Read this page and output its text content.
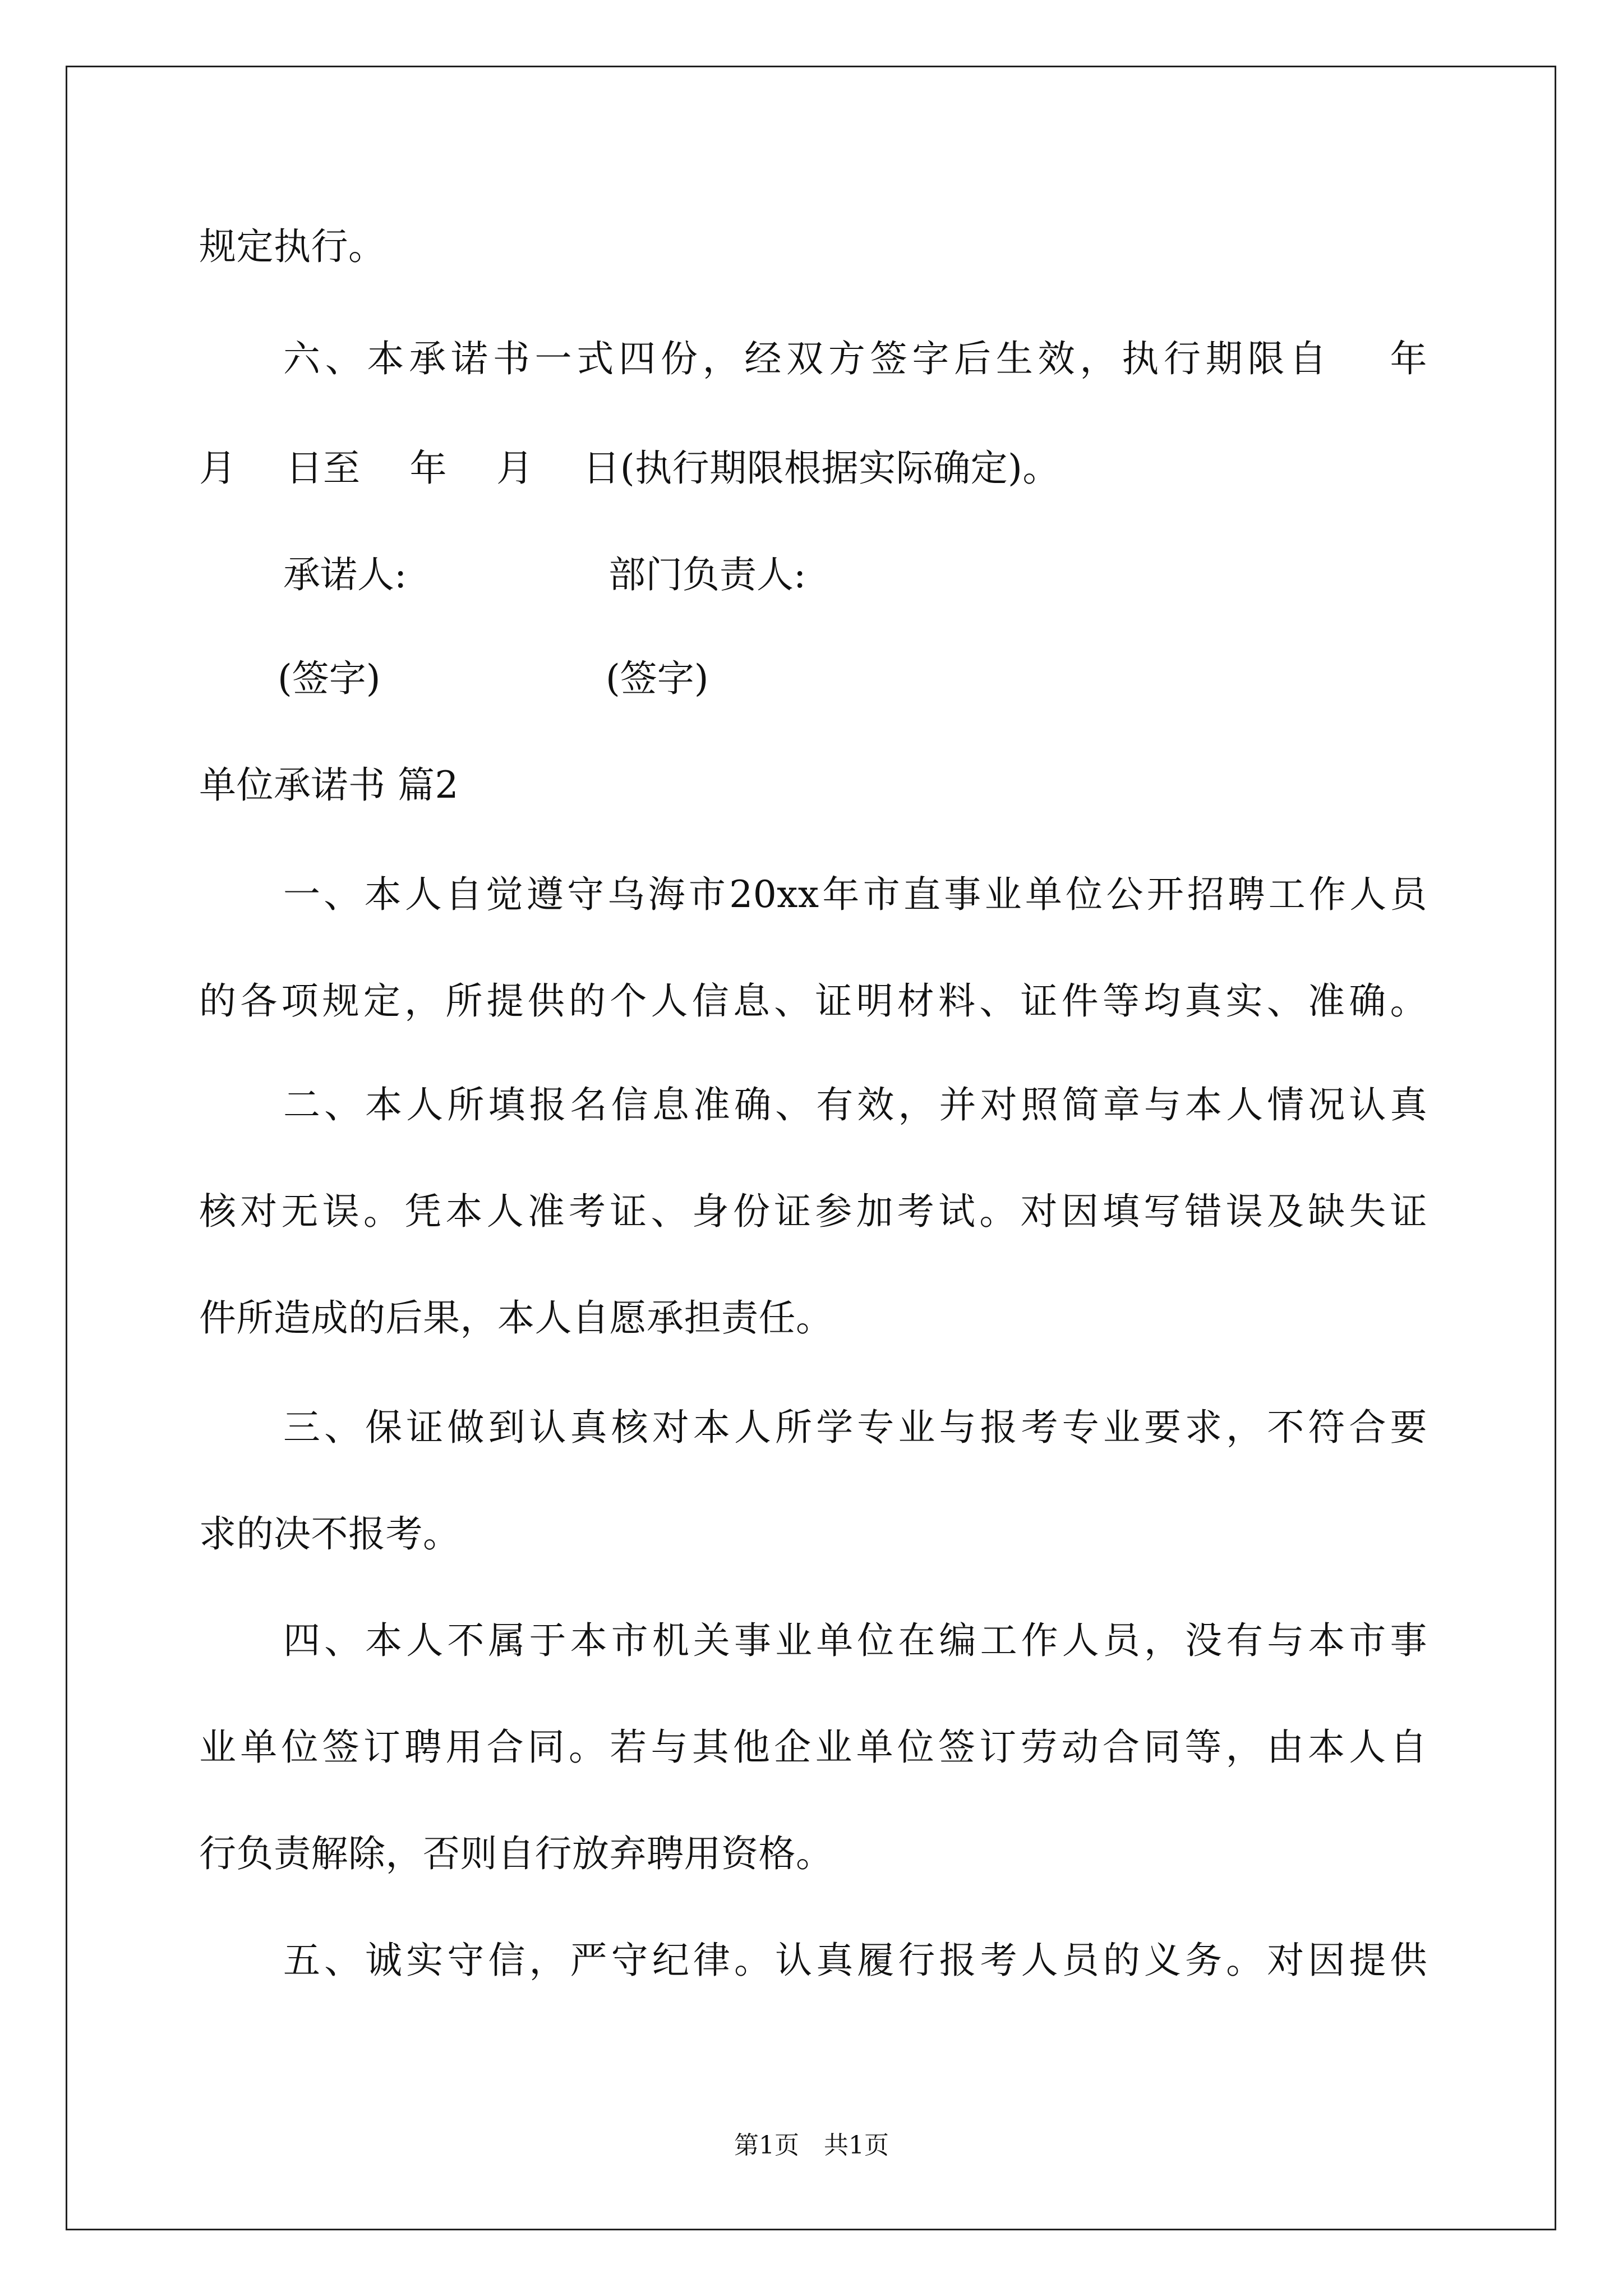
规定执行。
六、本承诺书一式四份，经双方签字后生效，执行期限自　 年
月　 日至　 年　 月　 日(执行期限根据实际确定)。
承诺人:	部门负责人:
(签字)	(签字)
单位承诺书 篇2
一、本人自觉遵守乌海市20xx年市直事业单位公开招聘工作人员
的各项规定，所提供的个人信息、证明材料、证件等均真实、准确。
二、本人所填报名信息准确、有效，并对照简章与本人情况认真
核对无误。凭本人准考证、身份证参加考试。对因填写错误及缺失证
件所造成的后果，本人自愿承担责任。
三、保证做到认真核对本人所学专业与报考专业要求，不符合要
求的决不报考。
四、本人不属于本市机关事业单位在编工作人员，没有与本市事
业单位签订聘用合同。若与其他企业单位签订劳动合同等，由本人自
行负责解除，否则自行放弃聘用资格。
五、诚实守信，严守纪律。认真履行报考人员的义务。对因提供
第1页　共1页
